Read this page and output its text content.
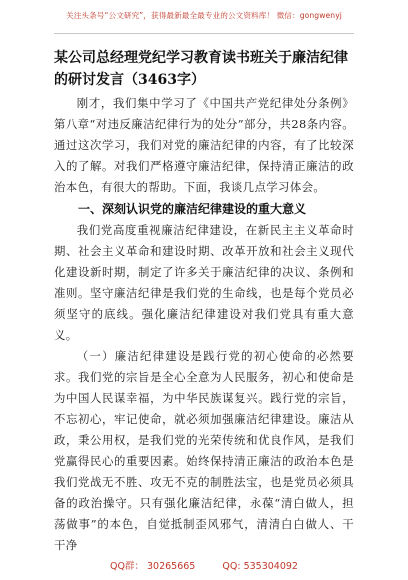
关注头条号“公文研究”，获得最新最全最专业的公文资料库！ 微信：gongwenyj

某公司总经理党纪学习教育读书班关于廉洁纪律的研讨发言（3463字）

刚才，我们集中学习了《中国共产党纪律处分条例》第八章“对违反廉洁纪律行为的处分”部分，共28条内容。通过这次学习，我们对党的廉洁纪律的内容，有了比较深入的了解。对我们严格遵守廉洁纪律，保持清正廉洁的政治本色，有很大的帮助。下面，我谈几点学习体会。

一、深刻认识党的廉洁纪律建设的重大意义

我们党高度重视廉洁纪律建设，在新民主主义革命时期、社会主义革命和建设时期、改革开放和社会主义现代化建设新时期，制定了许多关于廉洁纪律的决议、条例和准则。坚守廉洁纪律是我们党的生命线，也是每个党员必须坚守的底线。强化廉洁纪律建设对我们党具有重大意义。

（一）廉洁纪律建设是践行党的初心使命的必然要求。我们党的宗旨是全心全意为人民服务，初心和使命是为中国人民谋幸福，为中华民族谋复兴。践行党的宗旨，不忘初心，牢记使命，就必须加强廉洁纪律建设。廉洁从政，秉公用权，是我们党的光荣传统和优良作风，是我们党赢得民心的重要因素。始终保持清正廉洁的政治本色是我们党战无不胜、攻无不克的制胜法宝，也是党员必须具备的政治操守。只有强化廉洁纪律，永葆“清白做人，担荡做事”的本色，自觉抵制歪风邪气，清清白白做人、干干净

QQ群： 30265665	QQ: 535304092
